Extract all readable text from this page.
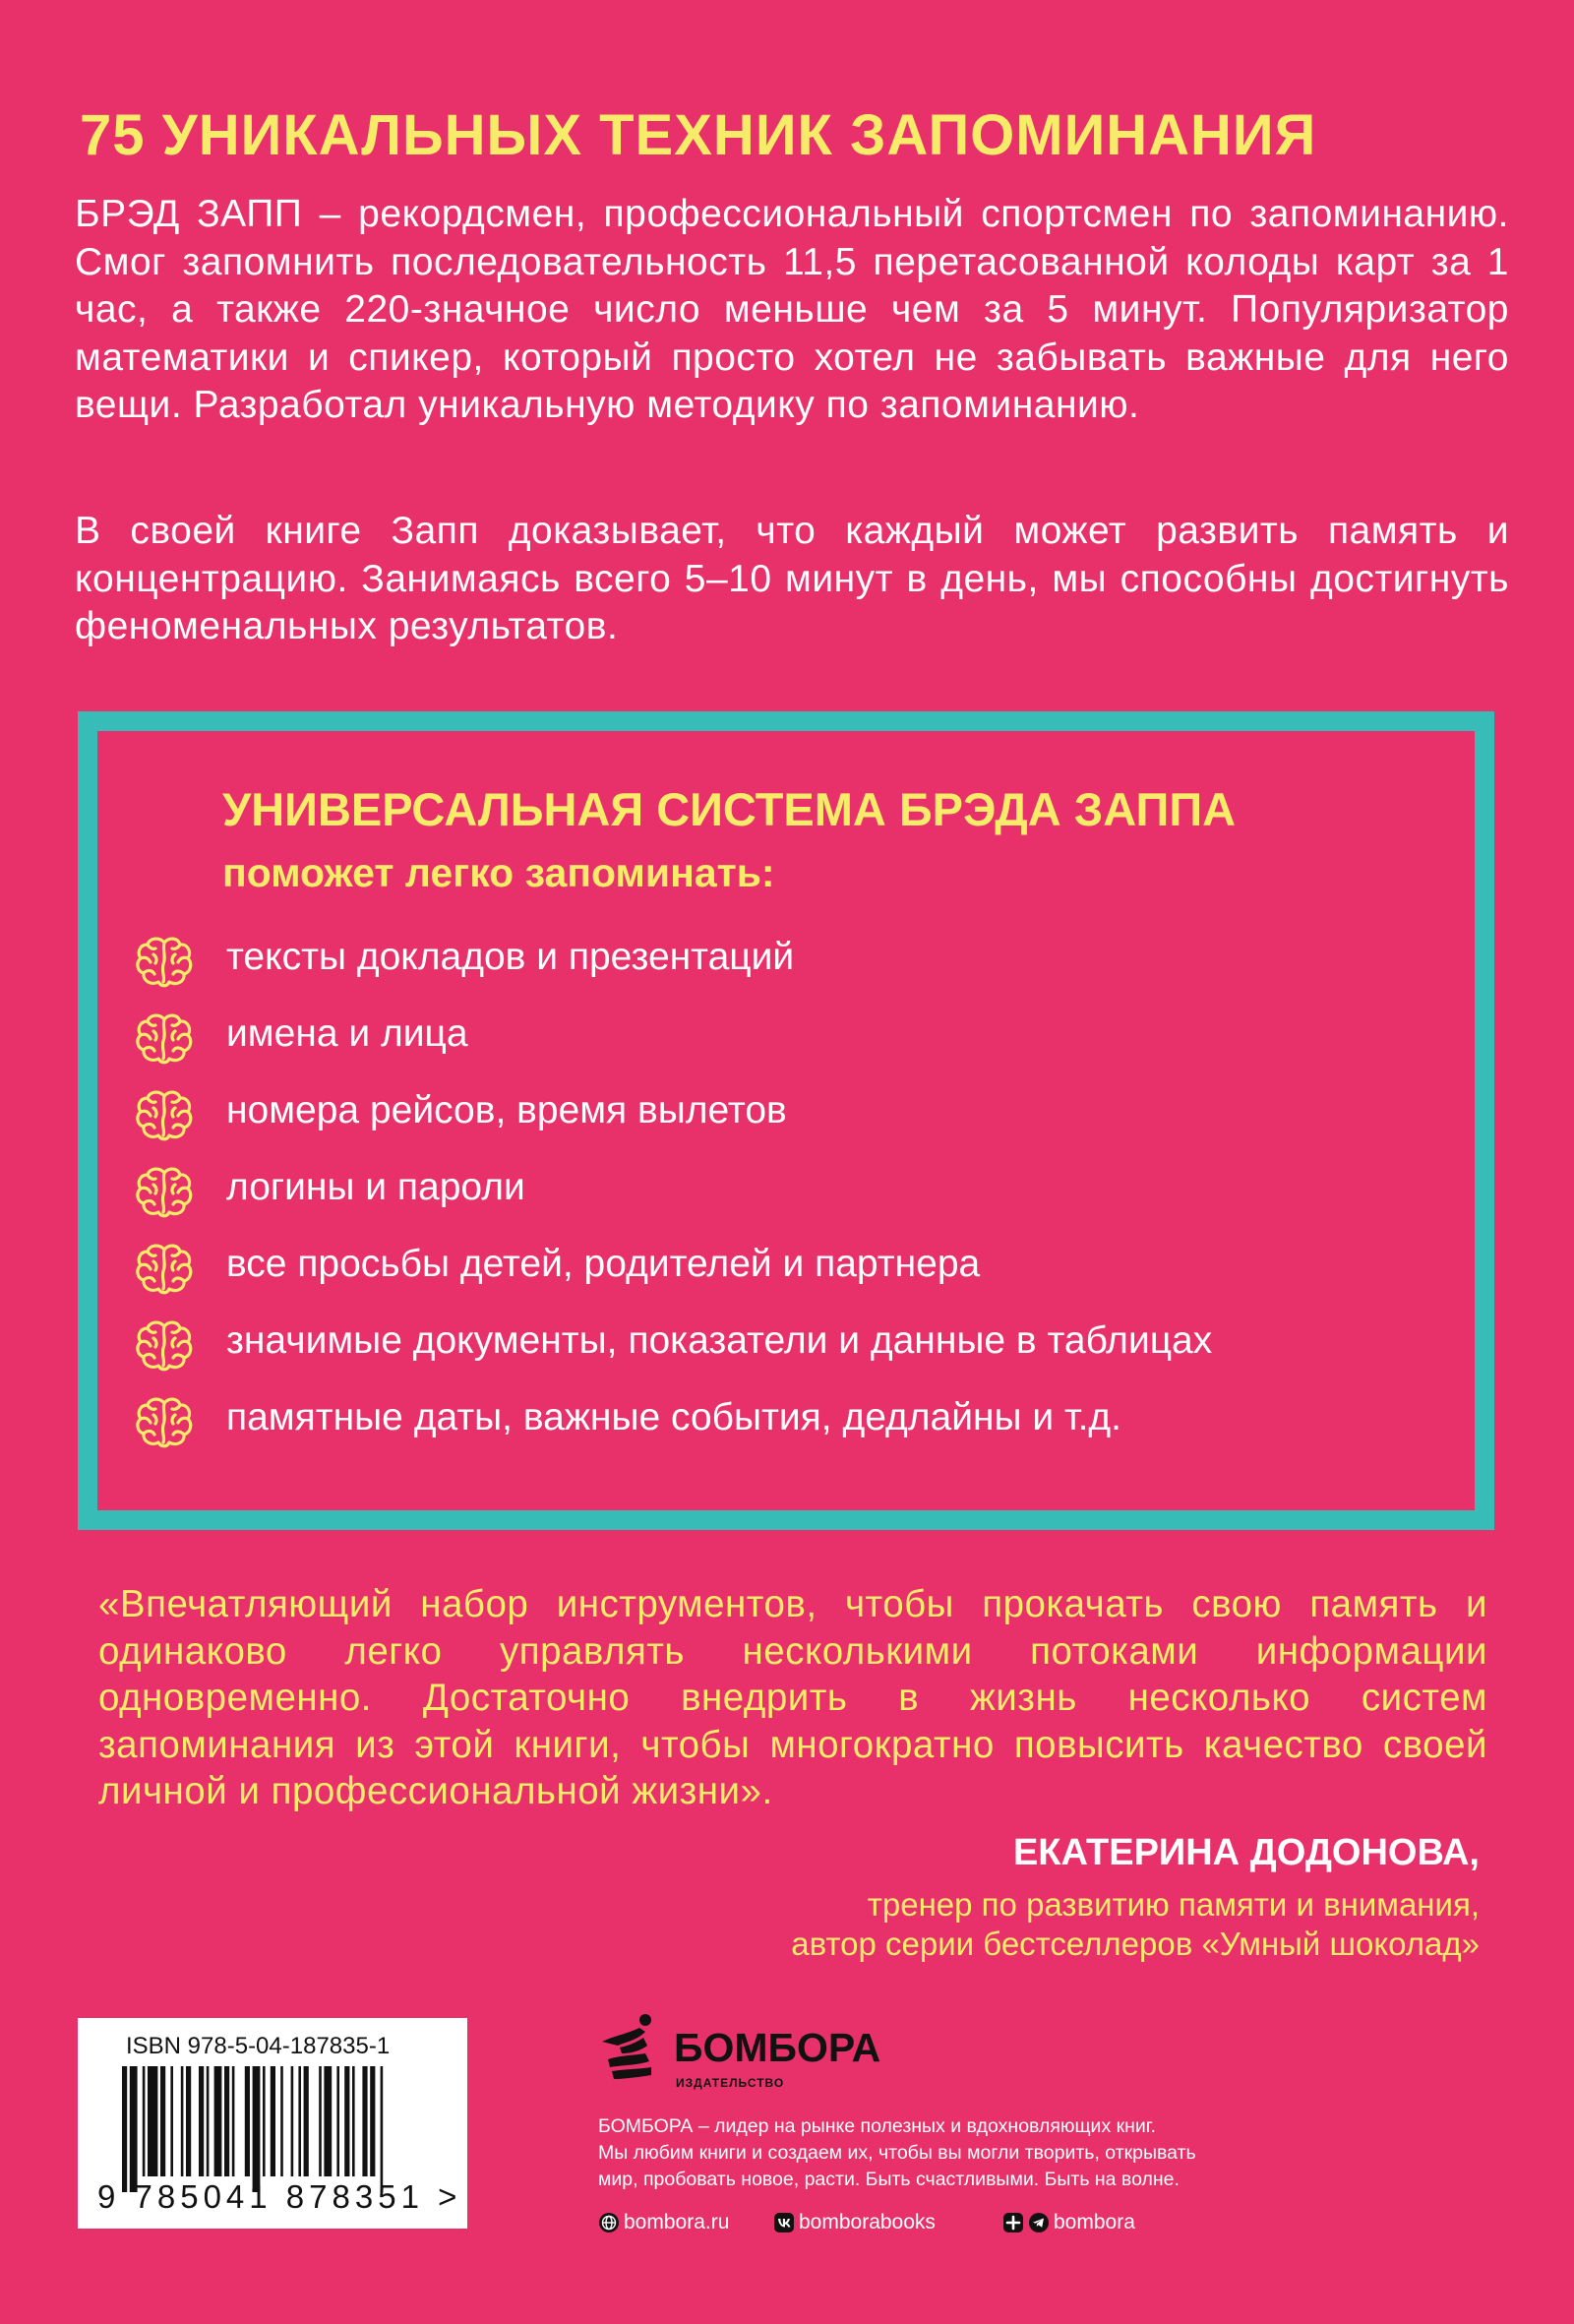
75 УНИКАЛЬНЫХ ТЕХНИК ЗАПОМИНАНИЯ

БРЭД ЗАПП – рекордсмен, профессиональный спортсмен по запоминанию. Смог запомнить последовательность 11,5 перетасованной колоды карт за 1 час, а также 220-значное число меньше чем за 5 минут. Популяризатор математики и спикер, который просто хотел не забывать важные для него вещи. Разработал уникальную методику по запоминанию.

В своей книге Запп доказывает, что каждый может развить память и концентрацию. Занимаясь всего 5–10 минут в день, мы способны достигнуть феноменальных результатов.

УНИВЕРСАЛЬНАЯ СИСТЕМА БРЭДА ЗАППА
поможет легко запоминать:
тексты докладов и презентаций
имена и лица
номера рейсов, время вылетов
логины и пароли
все просьбы детей, родителей и партнера
значимые документы, показатели и данные в таблицах
памятные даты, важные события, дедлайны и т.д.

«Впечатляющий набор инструментов, чтобы прокачать свою память и одинаково легко управлять несколькими потоками информации одновременно. Достаточно внедрить в жизнь несколько систем запоминания из этой книги, чтобы многократно повысить качество своей личной и профессиональной жизни».

ЕКАТЕРИНА ДОДОНОВА,
тренер по развитию памяти и внимания,
автор серии бестселлеров «Умный шоколад»
ISBN 978-5-04-187835-1
9 785041 878351 >
БОМБОРА
ИЗДАТЕЛЬСТВО

БОМБОРА – лидер на рынке полезных и вдохновляющих книг.
Мы любим книги и создаем их, чтобы вы могли творить, открывать
мир, пробовать новое, расти. Быть счастливыми. Быть на волне.

bombora.ru	bomborabooks	bombora
